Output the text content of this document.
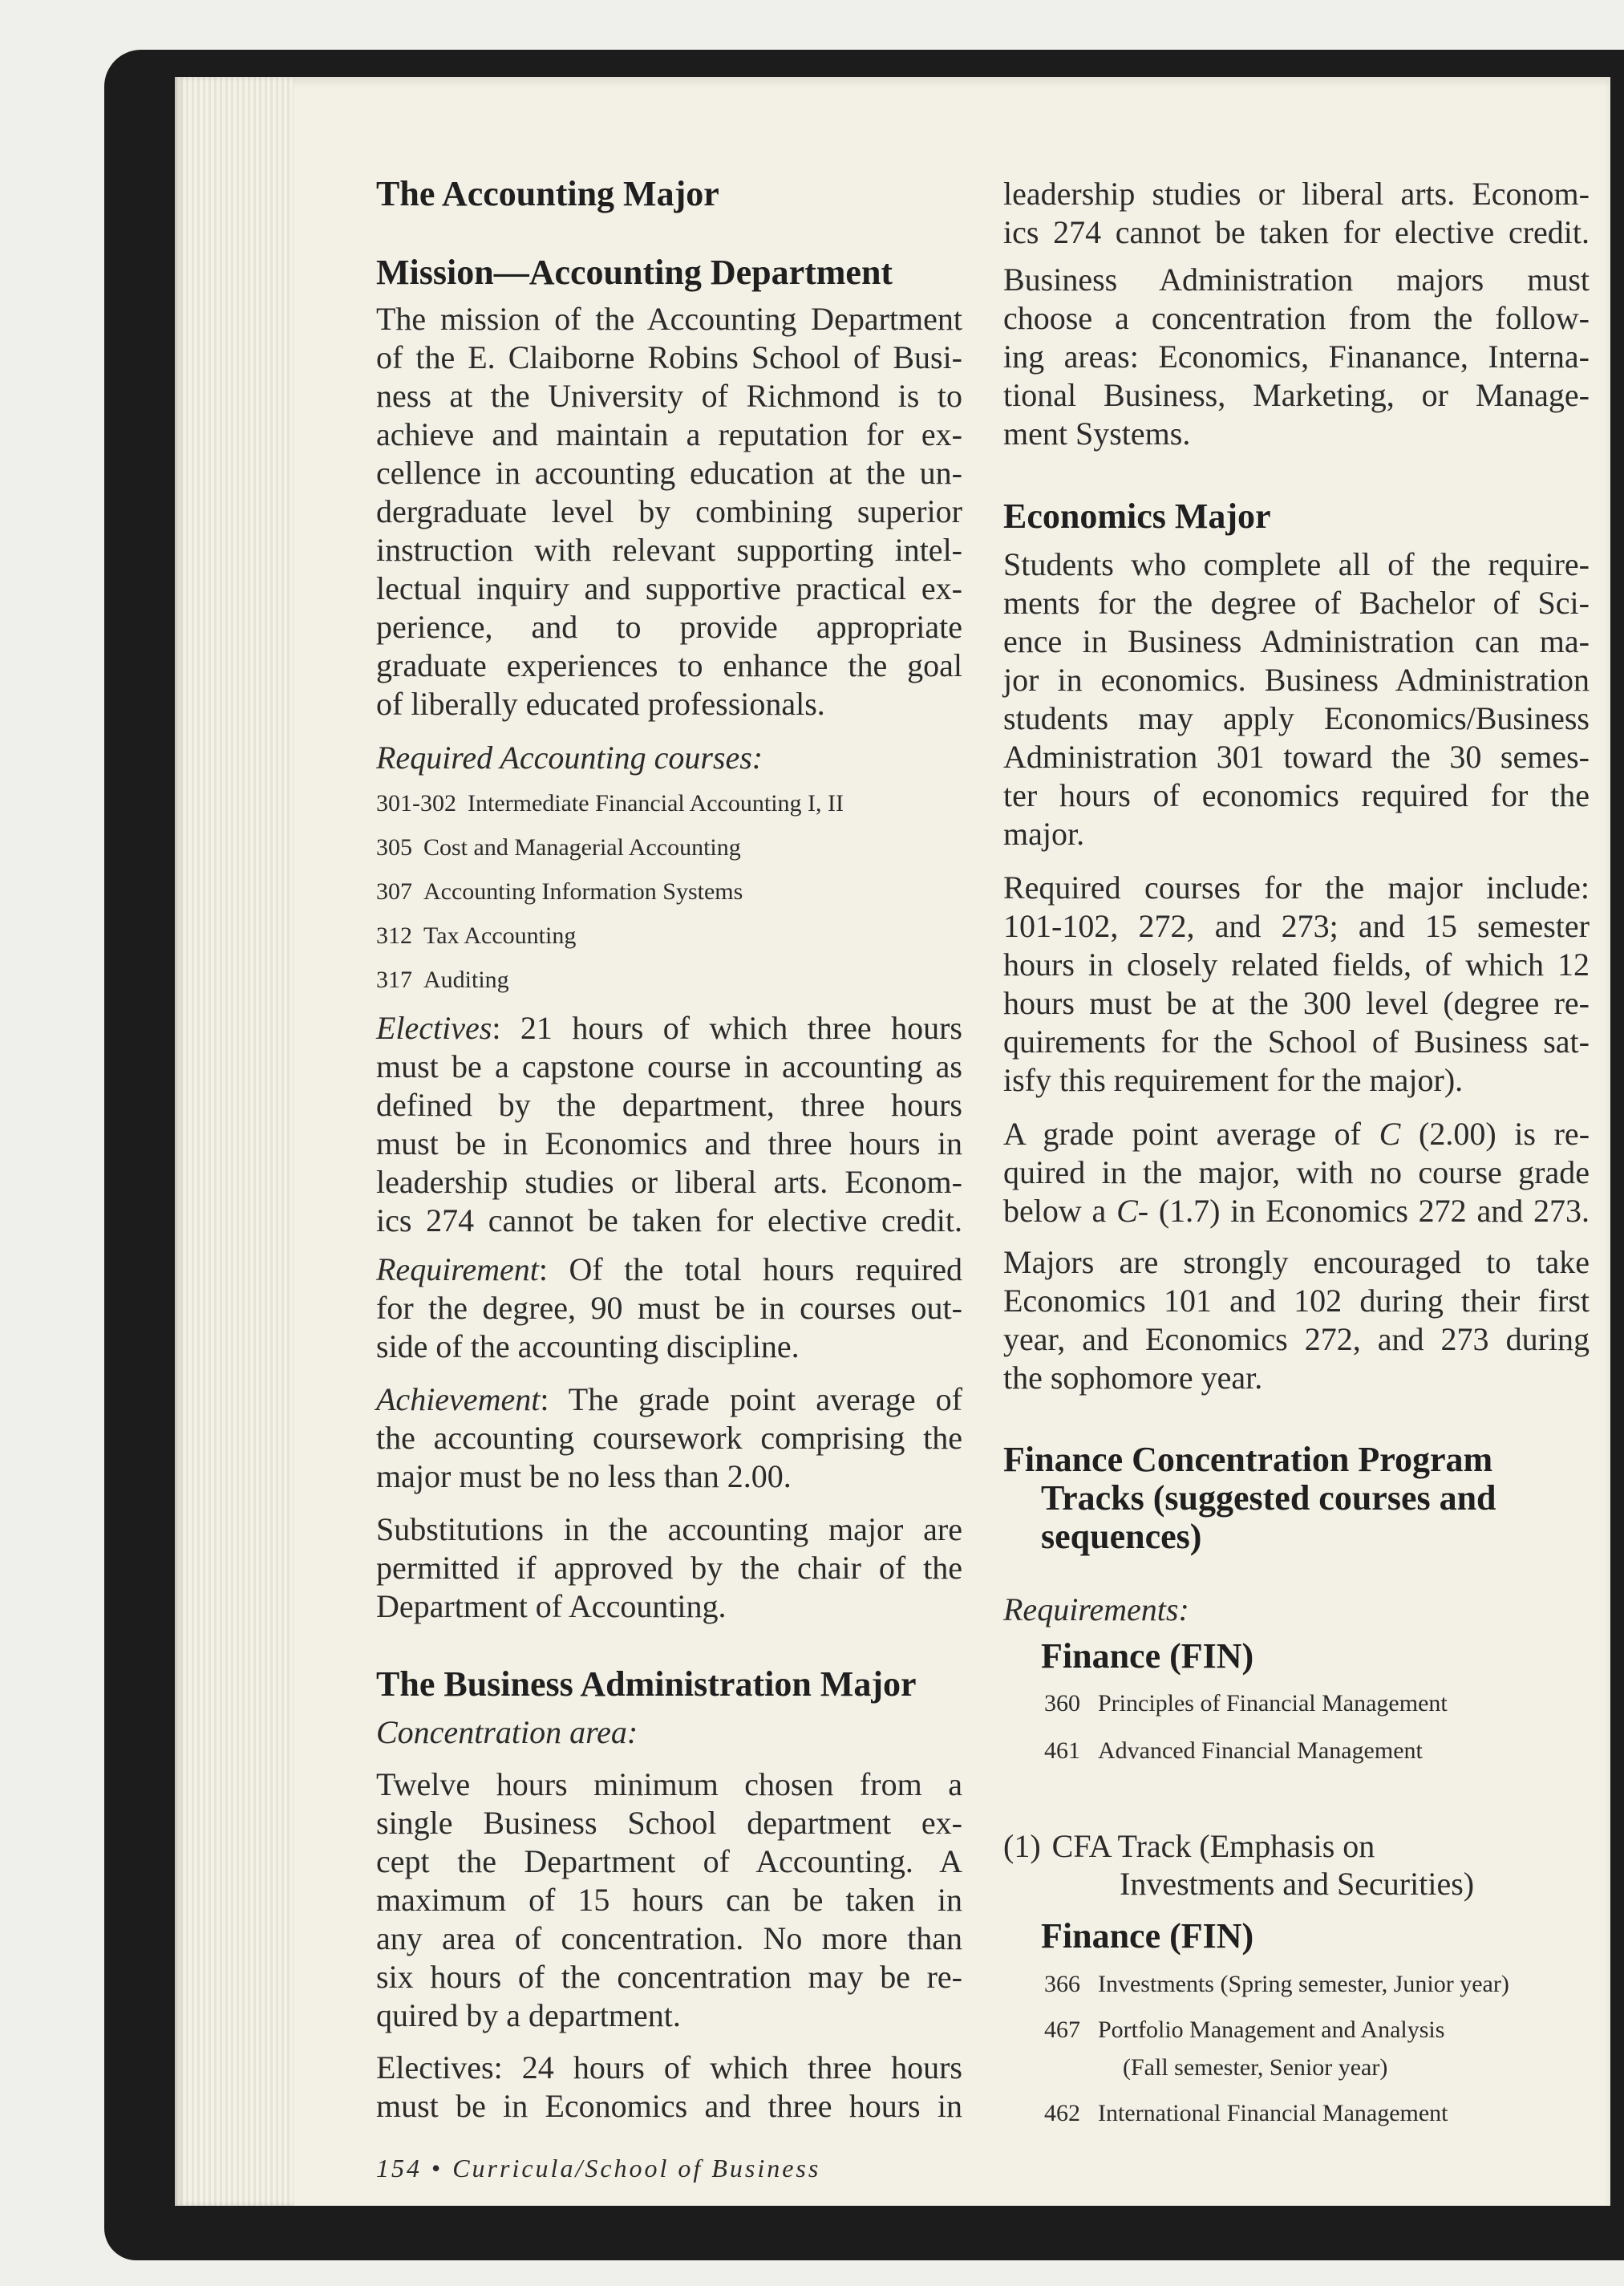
The Accounting Major
Mission—Accounting Department
The mission of the Accounting Department
of the E. Claiborne Robins School of Busi-
ness at the University of Richmond is to
achieve and maintain a reputation for ex-
cellence in accounting education at the un-
dergraduate level by combining superior
instruction with relevant supporting intel-
lectual inquiry and supportive practical ex-
perience, and to provide appropriate
graduate experiences to enhance the goal
of liberally educated professionals.
Required Accounting courses:
301-302 Intermediate Financial Accounting I, II
305 Cost and Managerial Accounting
307 Accounting Information Systems
312 Tax Accounting
317 Auditing
Electives: 21 hours of which three hours
must be a capstone course in accounting as
defined by the department, three hours
must be in Economics and three hours in
leadership studies or liberal arts. Econom-
ics 274 cannot be taken for elective credit.
Requirement: Of the total hours required
for the degree, 90 must be in courses out-
side of the accounting discipline.
Achievement: The grade point average of
the accounting coursework comprising the
major must be no less than 2.00.
Substitutions in the accounting major are
permitted if approved by the chair of the
Department of Accounting.
The Business Administration Major
Concentration area:
Twelve hours minimum chosen from a
single Business School department ex-
cept the Department of Accounting. A
maximum of 15 hours can be taken in
any area of concentration. No more than
six hours of the concentration may be re-
quired by a department.
Electives: 24 hours of which three hours
must be in Economics and three hours in
154 • Curricula/School of Business
leadership studies or liberal arts. Econom-
ics 274 cannot be taken for elective credit.
Business Administration majors must
choose a concentration from the follow-
ing areas: Economics, Finanance, Interna-
tional Business, Marketing, or Manage-
ment Systems.
Economics Major
Students who complete all of the require-
ments for the degree of Bachelor of Sci-
ence in Business Administration can ma-
jor in economics. Business Administration
students may apply Economics/Business
Administration 301 toward the 30 semes-
ter hours of economics required for the
major.
Required courses for the major include:
101-102, 272, and 273; and 15 semester
hours in closely related fields, of which 12
hours must be at the 300 level (degree re-
quirements for the School of Business sat-
isfy this requirement for the major).
A grade point average of C (2.00) is re-
quired in the major, with no course grade
below a C- (1.7) in Economics 272 and 273.
Majors are strongly encouraged to take
Economics 101 and 102 during their first
year, and Economics 272, and 273 during
the sophomore year.
Finance Concentration Program
Tracks (suggested courses and
sequences)
Requirements:
Finance (FIN)
360 Principles of Financial Management
461 Advanced Financial Management
(1) CFA Track (Emphasis on
Investments and Securities)
Finance (FIN)
366 Investments (Spring semester, Junior year)
467 Portfolio Management and Analysis
(Fall semester, Senior year)
462 International Financial Management
